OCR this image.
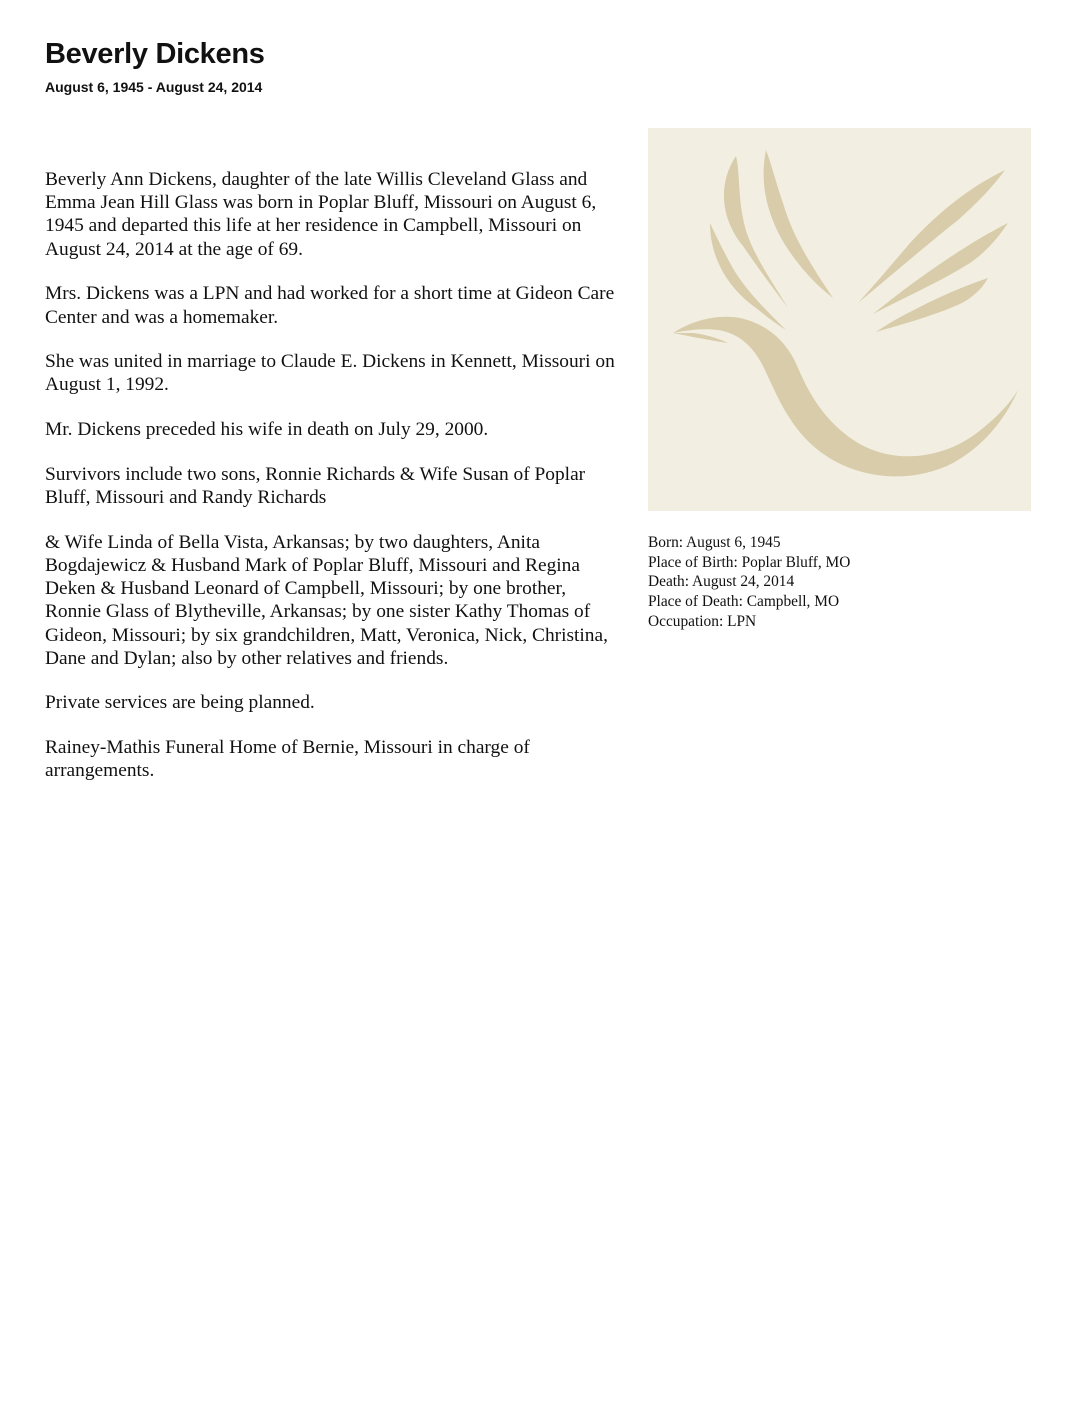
Beverly Dickens
August 6, 1945 - August 24, 2014

Beverly Ann Dickens, daughter of the late Willis Cleveland Glass and Emma Jean Hill Glass was born in Poplar Bluff, Missouri on August 6, 1945 and departed this life at her residence in Campbell, Missouri on August 24, 2014 at the age of 69.

Mrs. Dickens was a LPN and had worked for a short time at Gideon Care Center and was a homemaker.

She was united in marriage to Claude E. Dickens in Kennett, Missouri on August 1, 1992.

Mr. Dickens preceded his wife in death on July 29, 2000.

Survivors include two sons, Ronnie Richards & Wife Susan of Poplar Bluff, Missouri and Randy Richards

& Wife Linda of Bella Vista, Arkansas; by two daughters, Anita Bogdajewicz & Husband Mark of Poplar Bluff, Missouri and Regina Deken & Husband Leonard of Campbell, Missouri; by one brother, Ronnie Glass of Blytheville, Arkansas; by one sister Kathy Thomas of Gideon, Missouri; by six grandchildren, Matt, Veronica, Nick, Christina, Dane and Dylan; also by other relatives and friends.

Private services are being planned.

Rainey-Mathis Funeral Home of Bernie, Missouri in charge of arrangements.

Born: August 6, 1945
Place of Birth: Poplar Bluff, MO
Death: August 24, 2014
Place of Death: Campbell, MO
Occupation: LPN
